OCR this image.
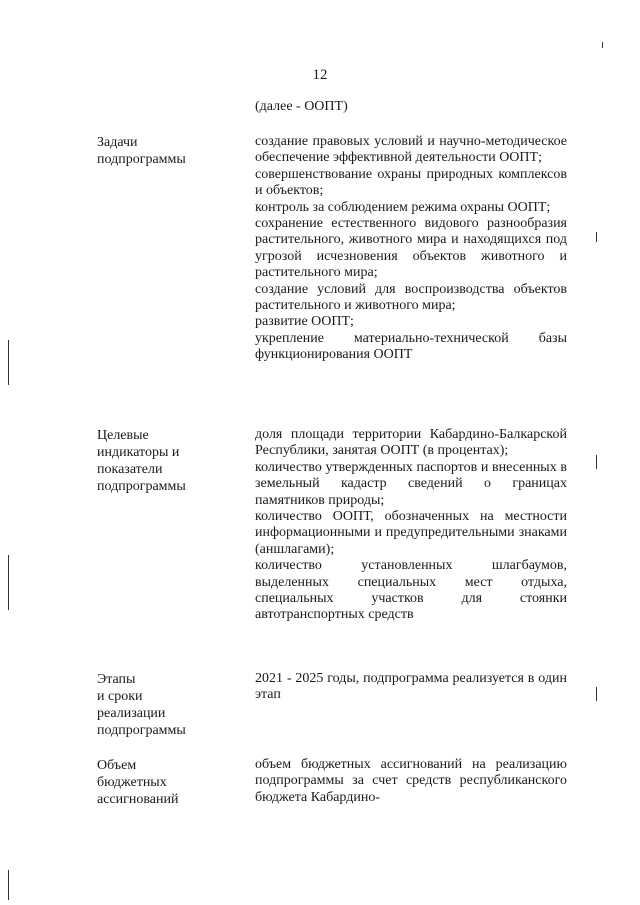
12
(далее - ООПТ)
Задачи
подпрограммы
создание правовых условий и научно-методическое обеспечение эффективной деятельности ООПТ;
совершенствование охраны природных комплексов и объектов;
контроль за соблюдением режима охраны ООПТ;
сохранение естественного видового разнообразия растительного, животного мира и находящихся под угрозой исчезновения объектов животного и растительного мира;
создание условий для воспроизводства объектов растительного и животного мира;
развитие ООПТ;
укрепление материально-технической базы функционирования ООПТ
Целевые
индикаторы и
показатели
подпрограммы
доля площади территории Кабардино-Балкарской Республики, занятая ООПТ (в процентах);
количество утвержденных паспортов и внесенных в земельный кадастр сведений о границах памятников природы;
количество ООПТ, обозначенных на местности информационными и предупредительными знаками (аншлагами);
количество установленных шлагбаумов, выделенных специальных мест отдыха, специальных участков для стоянки автотранспортных средств
Этапы
и сроки
реализации
подпрограммы
2021 - 2025 годы, подпрограмма реализуется в один этап
Объем
бюджетных
ассигнований
объем бюджетных ассигнований на реализацию подпрограммы за счет средств республиканского бюджета Кабардино-
